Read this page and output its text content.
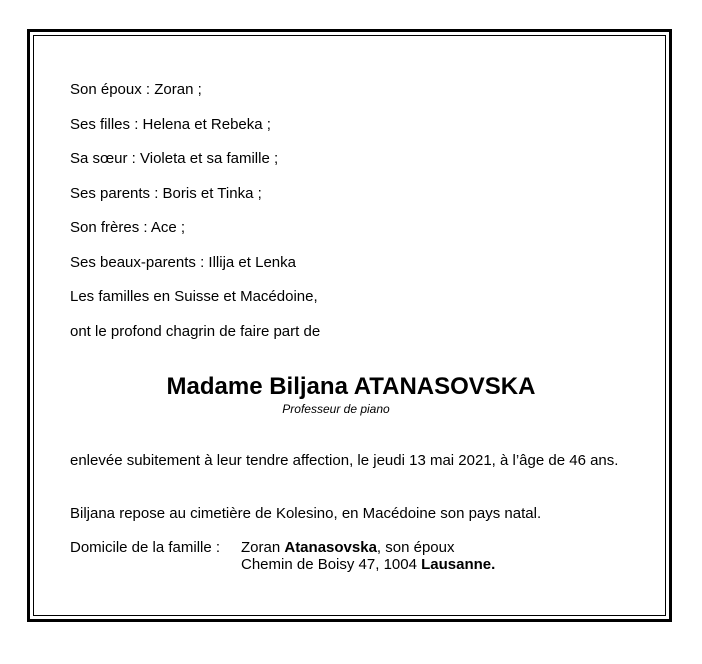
Son époux : Zoran ;
Ses filles : Helena et Rebeka ;
Sa sœur : Violeta et sa famille ;
Ses parents : Boris et Tinka ;
Son frères : Ace ;
Ses beaux-parents : Illija et Lenka
Les familles en Suisse et Macédoine,
ont le profond chagrin de faire part de
Madame Biljana ATANASOVSKA
Professeur de piano
enlevée subitement à leur tendre affection, le jeudi 13 mai 2021, à l’âge de 46 ans.
Biljana repose au cimetière de Kolesino, en Macédoine son pays natal.
Domicile de la famille : Zoran Atanasovska, son époux
Chemin de Boisy 47, 1004 Lausanne.
